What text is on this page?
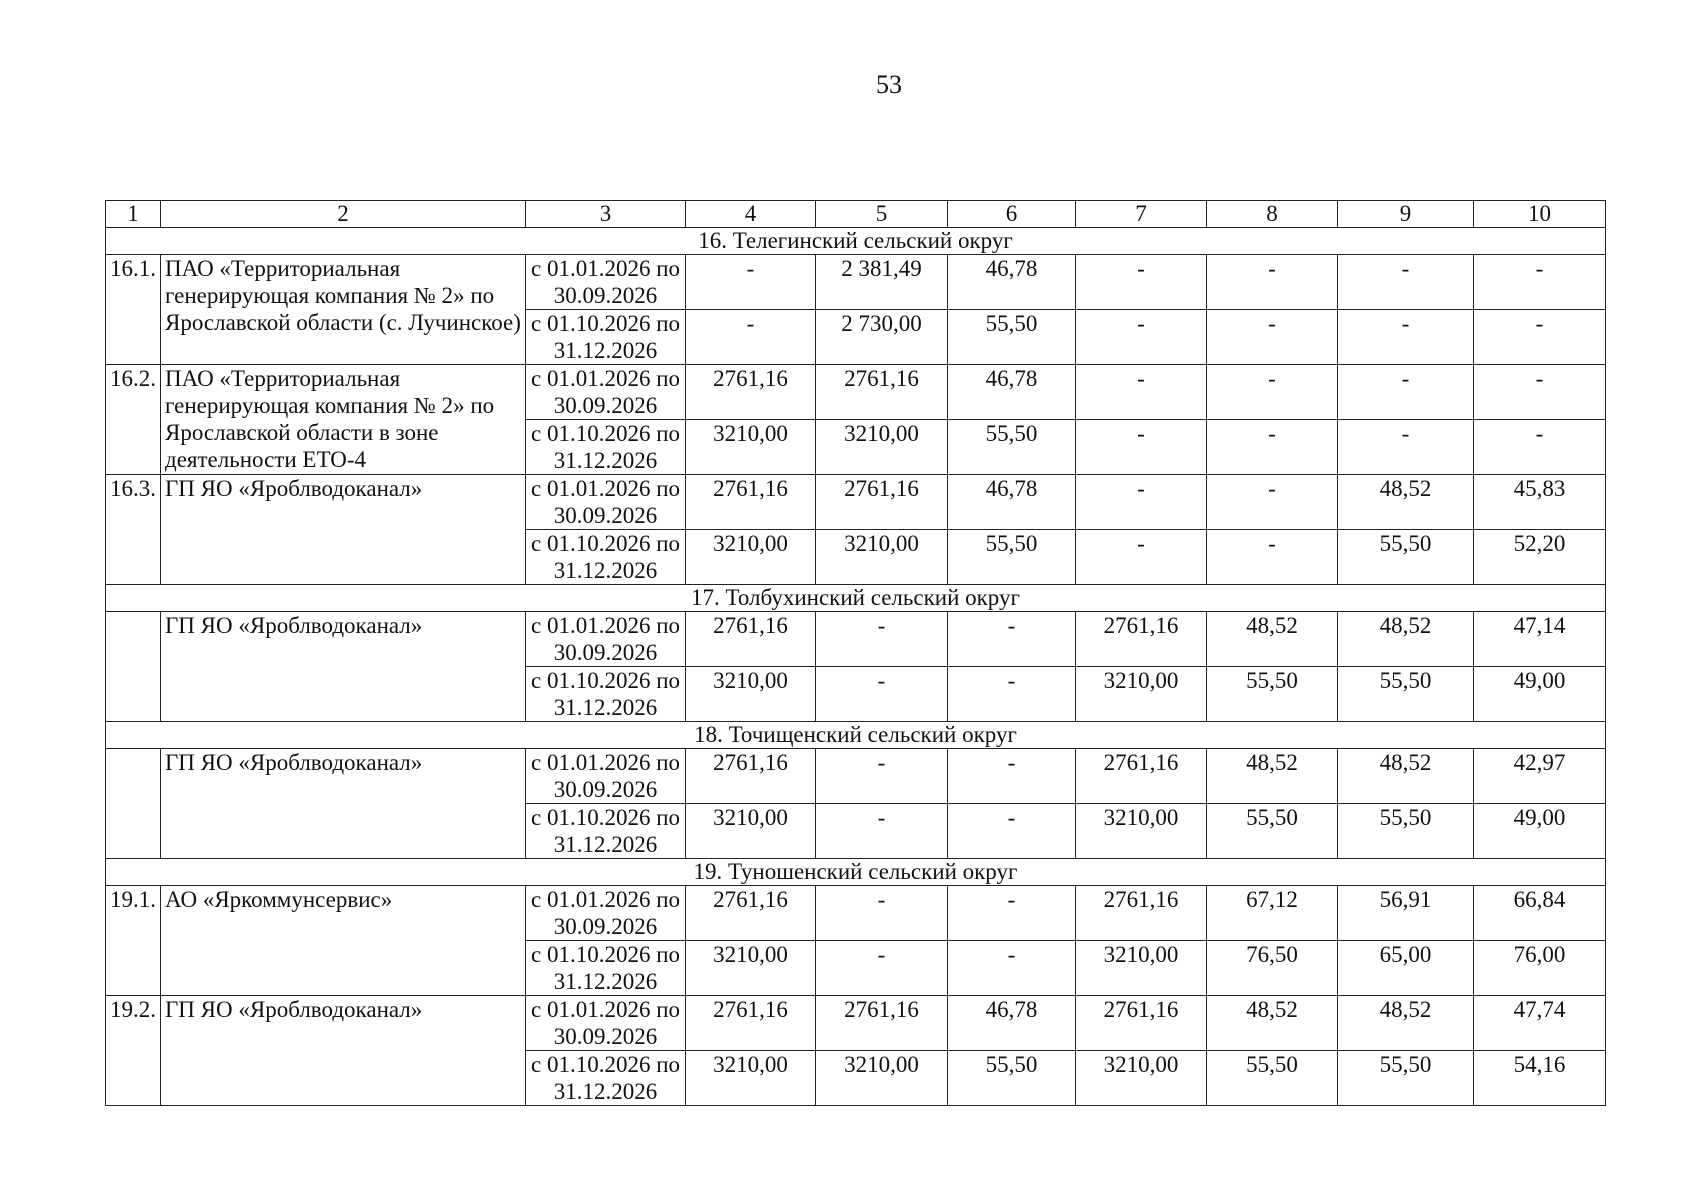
53
1	2	3	4	5	6	7	8	9	10
16. Телегинский сельский округ									
16.1.	ПАО «Территориальная генерирующая компания № 2» по Ярославской области (с. Лучинское)	с 01.01.2026 по 30.09.2026	-	2 381,49	46,78	-	-	-	-
		с 01.10.2026 по 31.12.2026	-	2 730,00	55,50	-	-	-	-
16.2.	ПАО «Территориальная генерирующая компания № 2» по Ярославской области в зоне деятельности ЕТО-4	с 01.01.2026 по 30.09.2026	2761,16	2761,16	46,78	-	-	-	-
		с 01.10.2026 по 31.12.2026	3210,00	3210,00	55,50	-	-	-	-
16.3.	ГП ЯО «Яроблводоканал»	с 01.01.2026 по 30.09.2026	2761,16	2761,16	46,78	-	-	48,52	45,83
		с 01.10.2026 по 31.12.2026	3210,00	3210,00	55,50	-	-	55,50	52,20
17. Толбухинский сельский округ									
	ГП ЯО «Яроблводоканал»	с 01.01.2026 по 30.09.2026	2761,16	-	-	2761,16	48,52	48,52	47,14
		с 01.10.2026 по 31.12.2026	3210,00	-	-	3210,00	55,50	55,50	49,00
18. Точищенский сельский округ									
	ГП ЯО «Яроблводоканал»	с 01.01.2026 по 30.09.2026	2761,16	-	-	2761,16	48,52	48,52	42,97
		с 01.10.2026 по 31.12.2026	3210,00	-	-	3210,00	55,50	55,50	49,00
19. Туношенский сельский округ									
19.1.	АО «Яркоммунсервис»	с 01.01.2026 по 30.09.2026	2761,16	-	-	2761,16	67,12	56,91	66,84
		с 01.10.2026 по 31.12.2026	3210,00	-	-	3210,00	76,50	65,00	76,00
19.2.	ГП ЯО «Яроблводоканал»	с 01.01.2026 по 30.09.2026	2761,16	2761,16	46,78	2761,16	48,52	48,52	47,74
		с 01.10.2026 по 31.12.2026	3210,00	3210,00	55,50	3210,00	55,50	55,50	54,16
